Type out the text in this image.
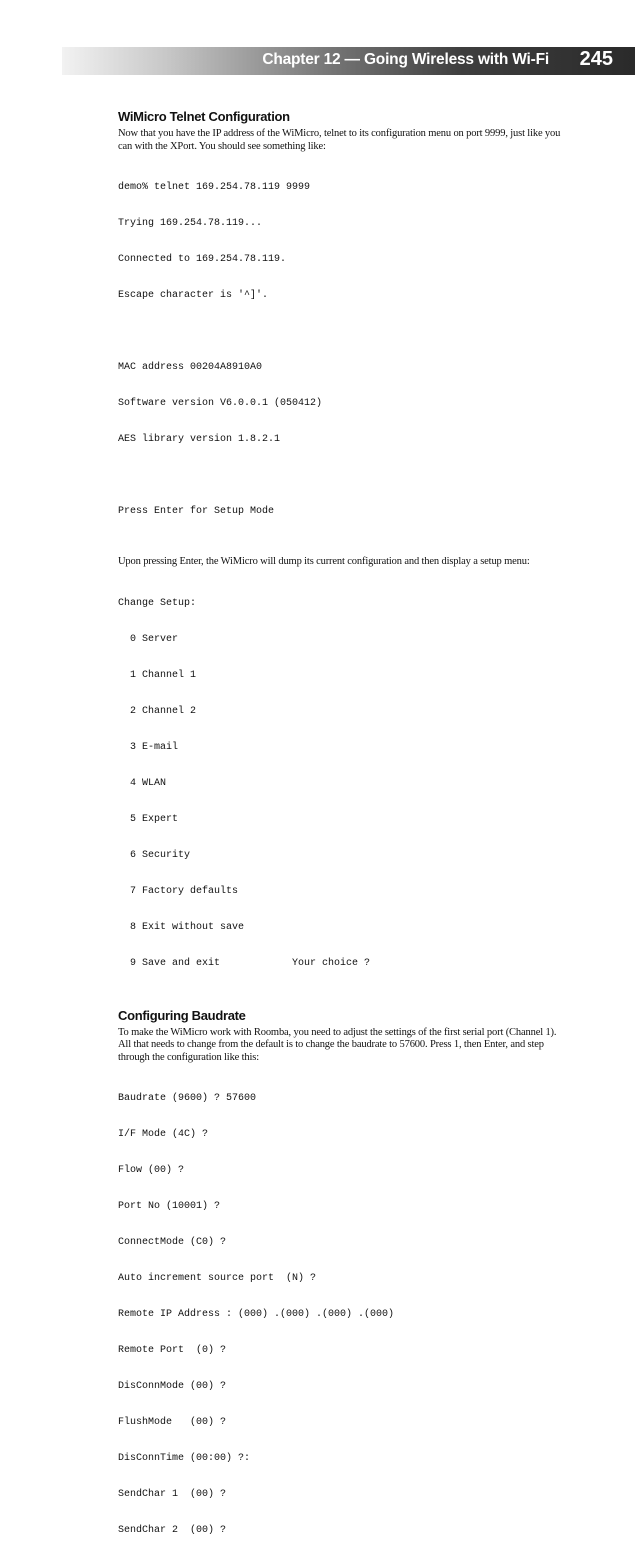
Chapter 12 — Going Wireless with Wi-Fi 245
WiMicro Telnet Configuration

Now that you have the IP address of the WiMicro, telnet to its configuration menu on port 9999, just like you can with the XPort. You should see something like:

demo% telnet 169.254.78.119 9999

Trying 169.254.78.119...

Connected to 169.254.78.119.

Escape character is '^]'.

MAC address 00204A8910A0

Software version V6.0.0.1 (050412)

AES library version 1.8.2.1

Press Enter for Setup Mode

Upon pressing Enter, the WiMicro will dump its current configuration and then display a setup menu:

Change Setup:

0 Server

1 Channel 1

2 Channel 2

3 E-mail

4 WLAN

5 Expert

6 Security

7 Factory defaults

8 Exit without save

9 Save and exit            Your choice ?

Configuring Baudrate

To make the WiMicro work with Roomba, you need to adjust the settings of the first serial port (Channel 1). All that needs to change from the default is to change the baudrate to 57600. Press 1, then Enter, and step through the configuration like this:

Baudrate (9600) ? 57600

I/F Mode (4C) ?

Flow (00) ?

Port No (10001) ?

ConnectMode (C0) ?

Auto increment source port  (N) ?

Remote IP Address : (000) .(000) .(000) .(000)

Remote Port  (0) ?

DisConnMode (00) ?

FlushMode   (00) ?

DisConnTime (00:00) ?:

SendChar 1  (00) ?

SendChar 2  (00) ?
